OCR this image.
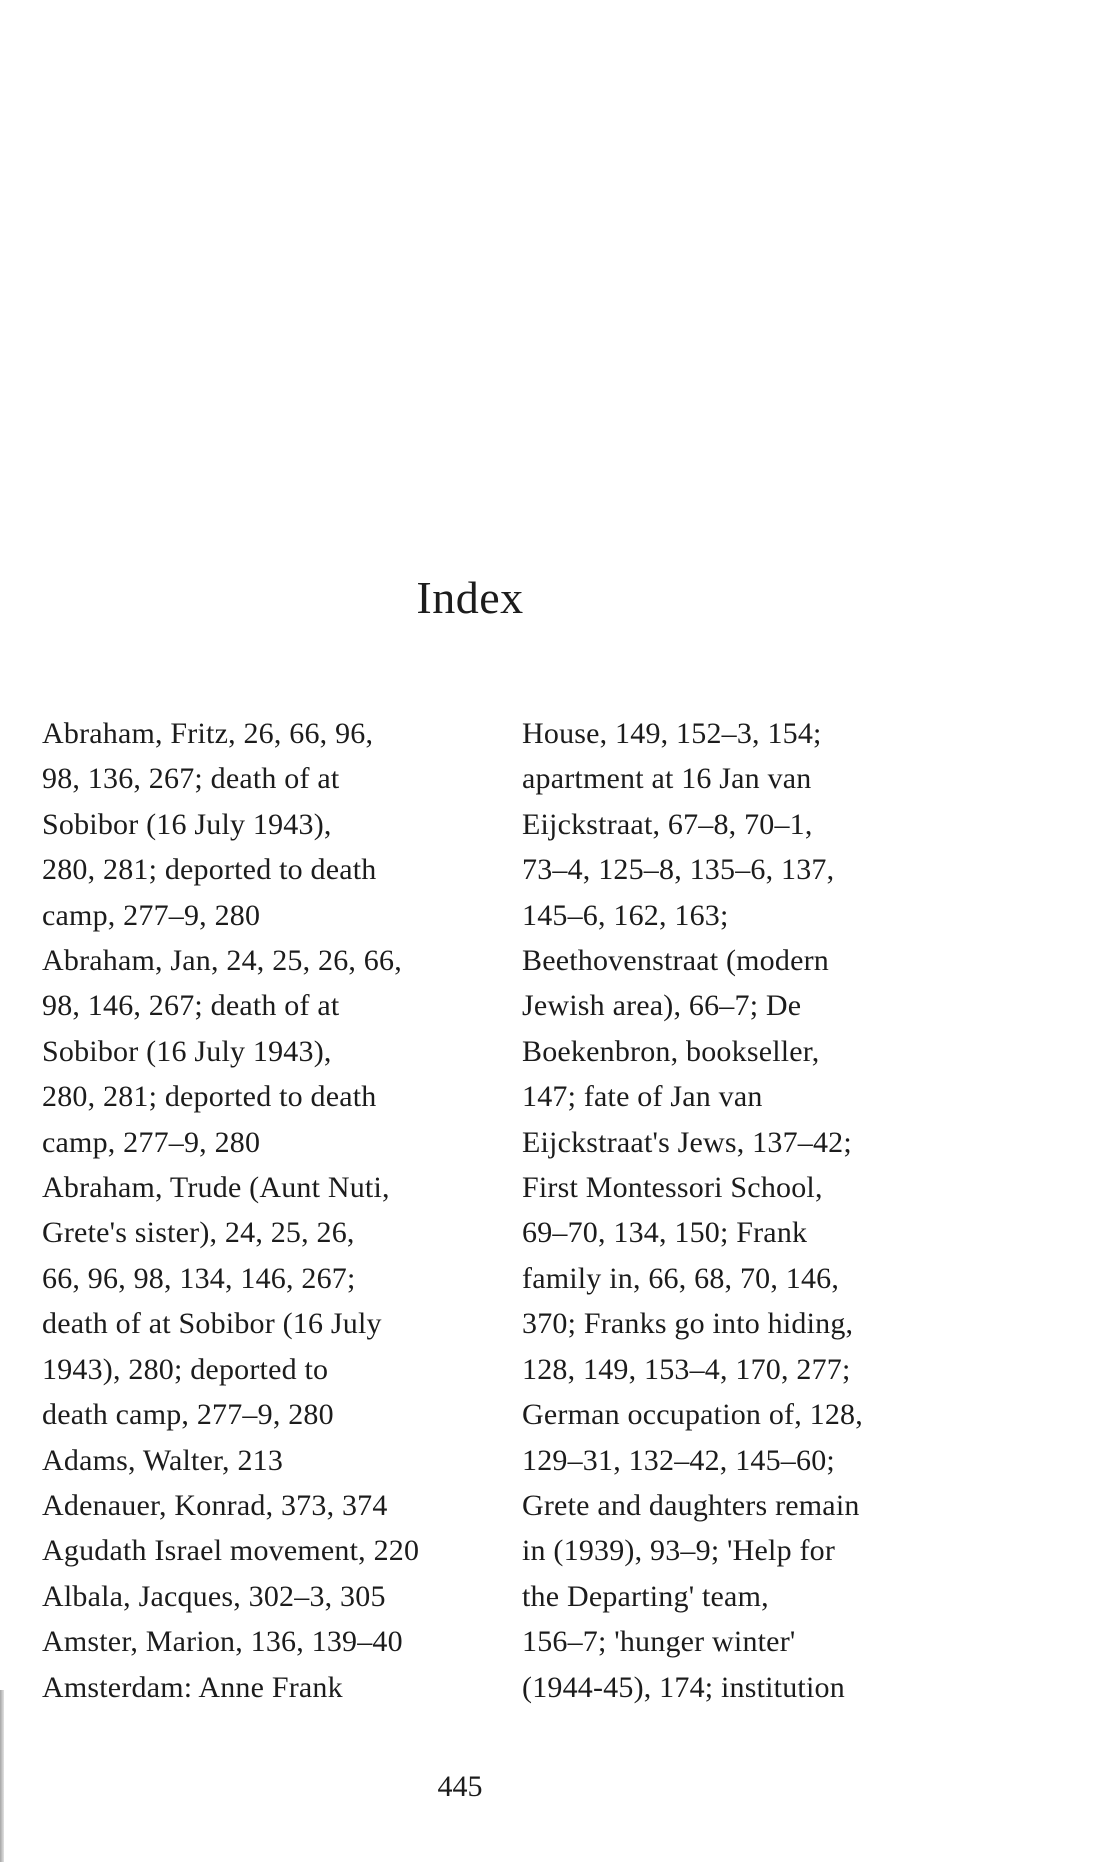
Index
Abraham, Fritz, 26, 66, 96,
98, 136, 267; death of at
Sobibor (16 July 1943),
280, 281; deported to death
camp, 277–9, 280
Abraham, Jan, 24, 25, 26, 66,
98, 146, 267; death of at
Sobibor (16 July 1943),
280, 281; deported to death
camp, 277–9, 280
Abraham, Trude (Aunt Nuti,
Grete's sister), 24, 25, 26,
66, 96, 98, 134, 146, 267;
death of at Sobibor (16 July
1943), 280; deported to
death camp, 277–9, 280
Adams, Walter, 213
Adenauer, Konrad, 373, 374
Agudath Israel movement, 220
Albala, Jacques, 302–3, 305
Amster, Marion, 136, 139–40
Amsterdam: Anne Frank
House, 149, 152–3, 154;
apartment at 16 Jan van
Eijckstraat, 67–8, 70–1,
73–4, 125–8, 135–6, 137,
145–6, 162, 163;
Beethovenstraat (modern
Jewish area), 66–7; De
Boekenbron, bookseller,
147; fate of Jan van
Eijckstraat's Jews, 137–42;
First Montessori School,
69–70, 134, 150; Frank
family in, 66, 68, 70, 146,
370; Franks go into hiding,
128, 149, 153–4, 170, 277;
German occupation of, 128,
129–31, 132–42, 145–60;
Grete and daughters remain
in (1939), 93–9; 'Help for
the Departing' team,
156–7; 'hunger winter'
(1944-45), 174; institution
445
